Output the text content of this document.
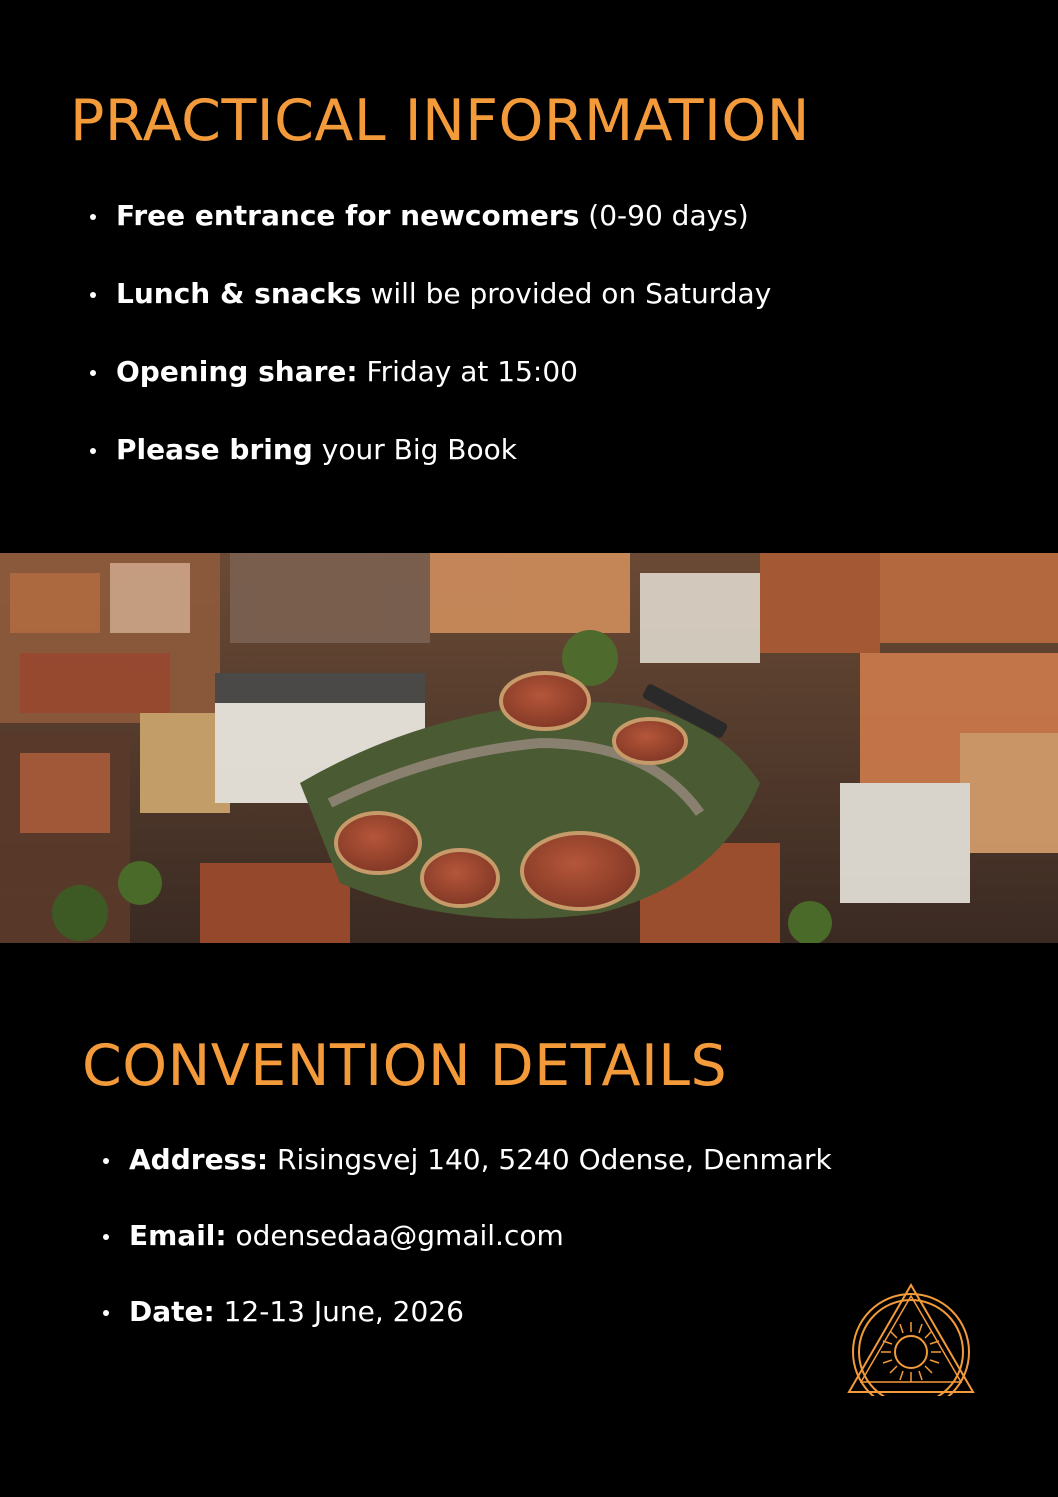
PRACTICAL INFORMATION
Free entrance for newcomers (0-90 days)
Lunch & snacks will be provided on Saturday
Opening share: Friday at 15:00
Please bring your Big Book
CONVENTION DETAILS
Address: Risingsvej 140, 5240 Odense, Denmark
Email: odensedaa@gmail.com
Date: 12-13 June, 2026
